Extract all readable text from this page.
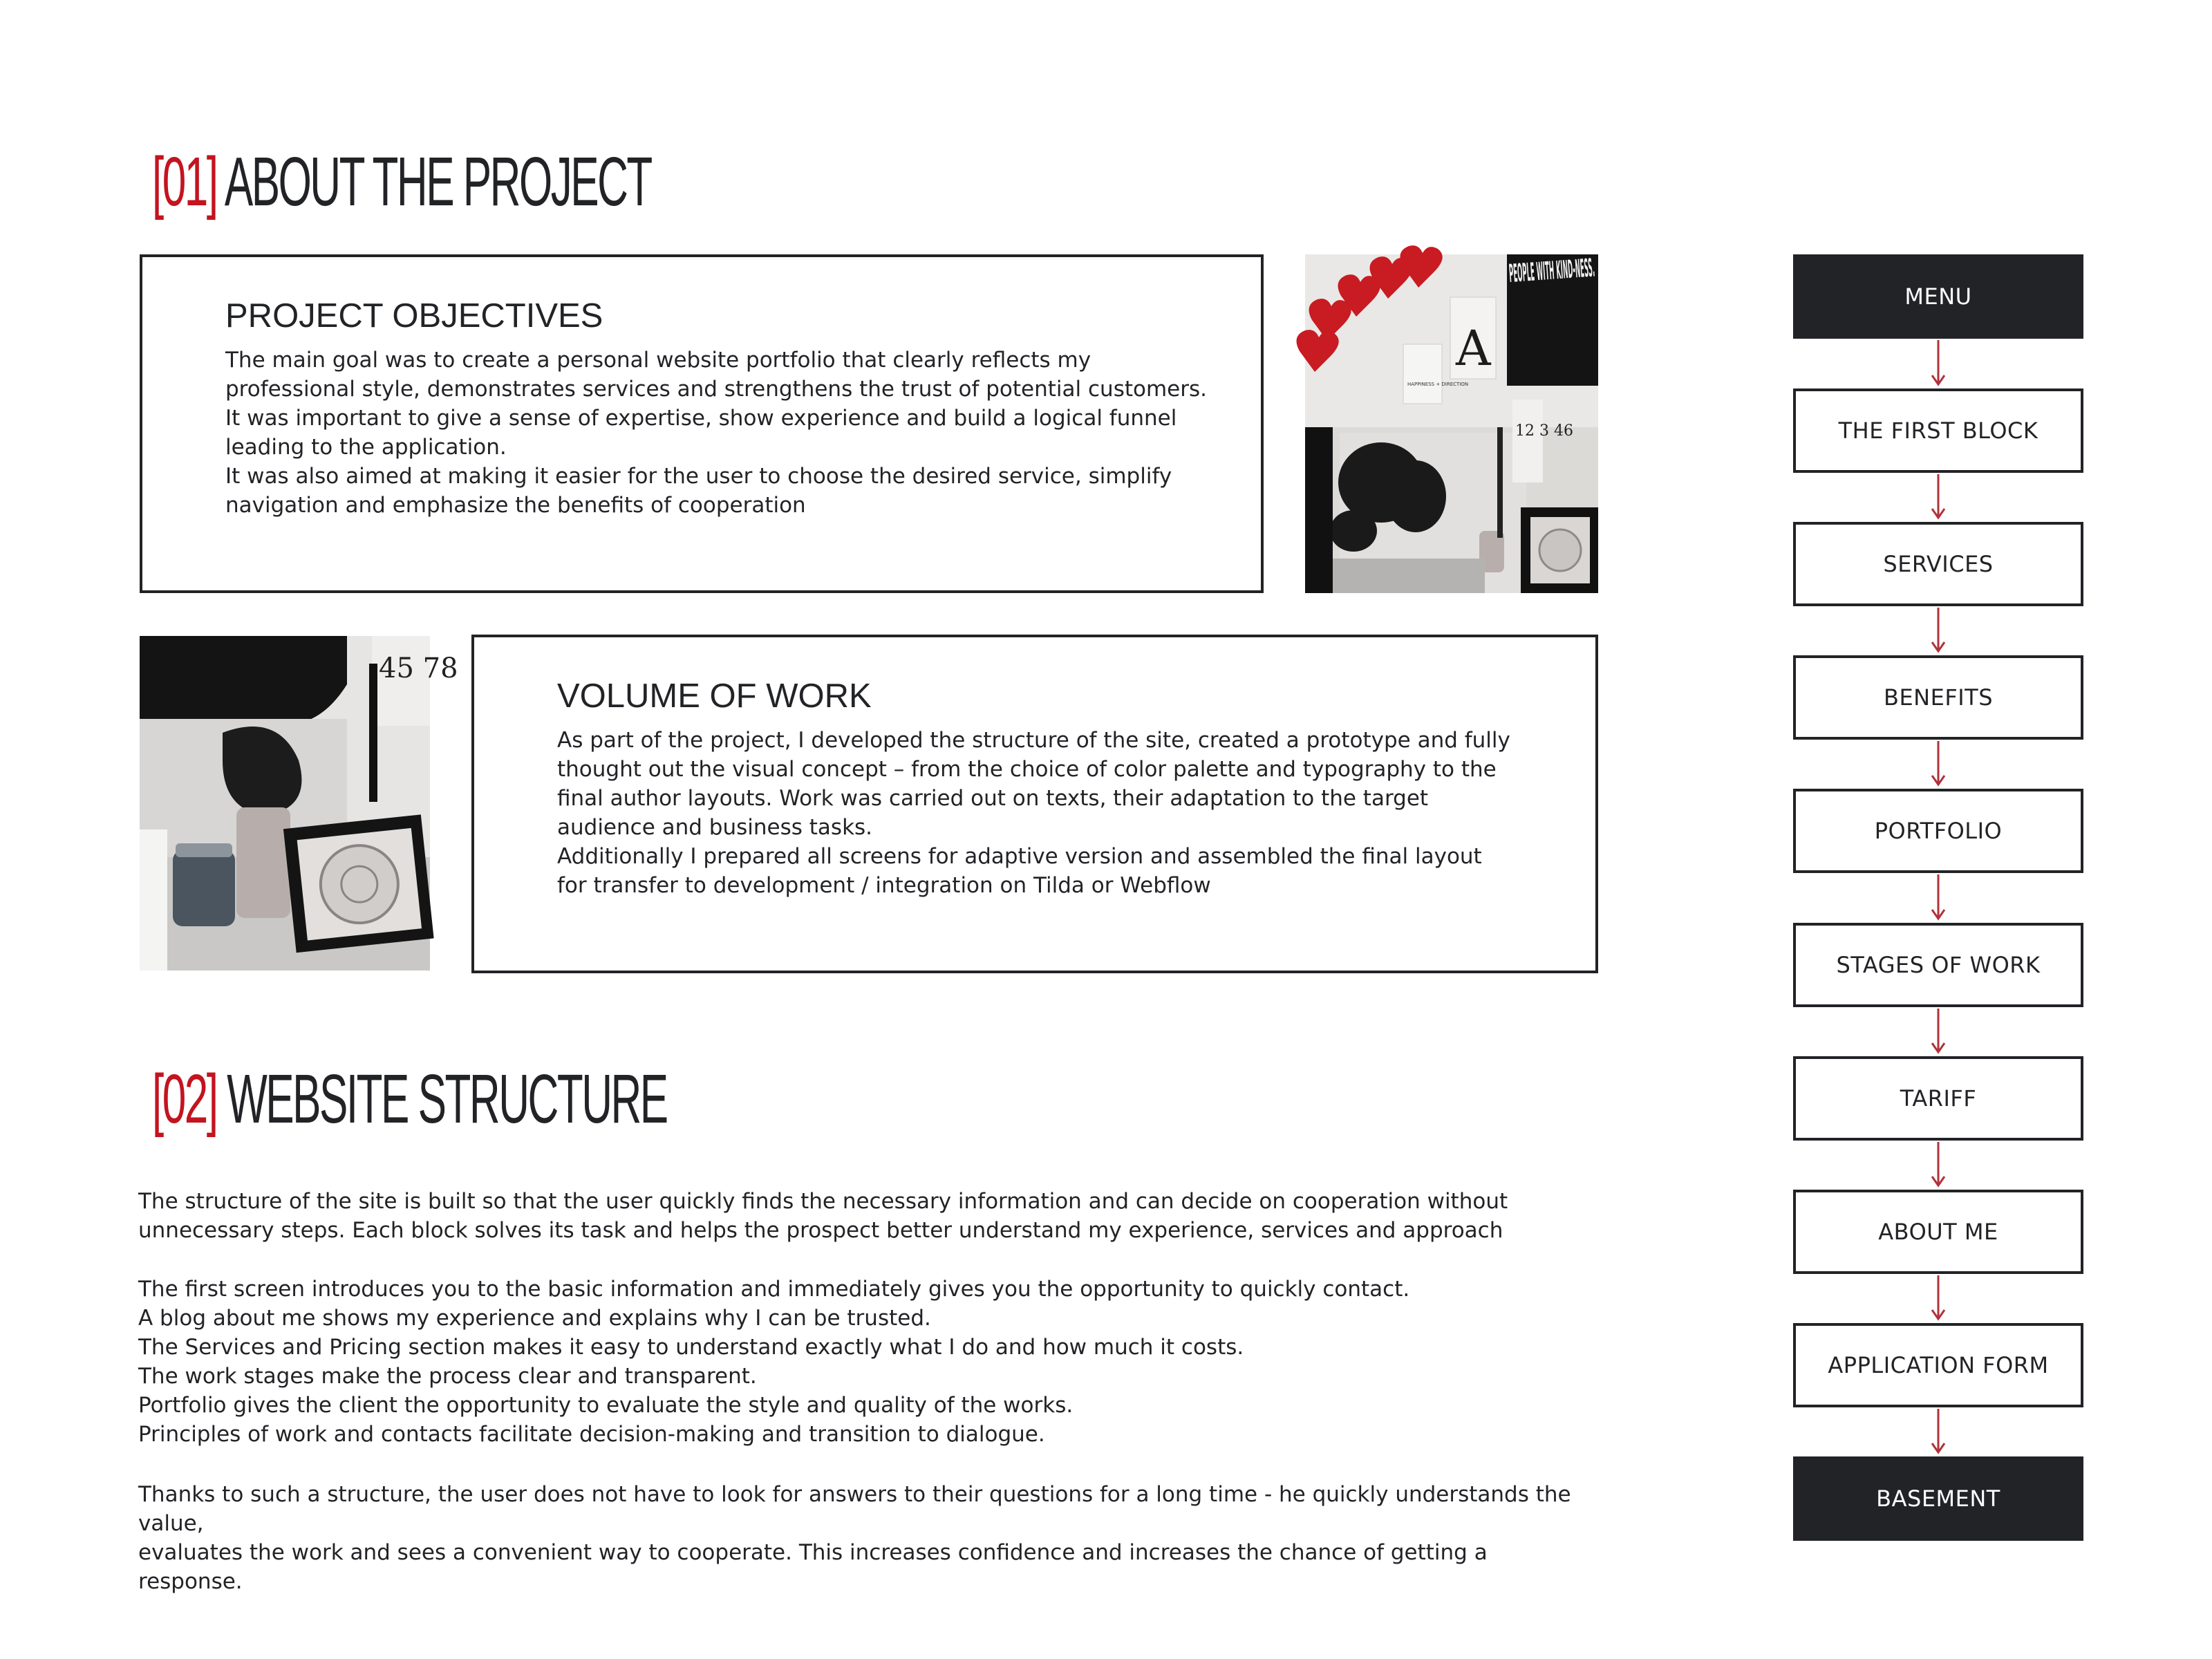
[01] ABOUT THE PROJECT
PROJECT OBJECTIVES

The main goal was to create a personal website portfolio that clearly reflects my
professional style, demonstrates services and strengthens the trust of potential customers.
It was important to give a sense of expertise, show experience and build a logical funnel
leading to the application.
It was also aimed at making it easier for the user to choose the desired service, simplify
navigation and emphasize the benefits of cooperation

A
HAPPINESS + DIRECTION
PEOPLE WITH KIND-NESS.
12 3 46
45 78
VOLUME OF WORK

As part of the project, I developed the structure of the site, created a prototype and fully
thought out the visual concept – from the choice of color palette and typography to the
final author layouts. Work was carried out on texts, their adaptation to the target
audience and business tasks.
Additionally I prepared all screens for adaptive version and assembled the final layout
for transfer to development / integration on Tilda or Webflow

[02] WEBSITE STRUCTURE

The structure of the site is built so that the user quickly finds the necessary information and can decide on cooperation without
unnecessary steps. Each block solves its task and helps the prospect better understand my experience, services and approach

The first screen introduces you to the basic information and immediately gives you the opportunity to quickly contact.
A blog about me shows my experience and explains why I can be trusted.
The Services and Pricing section makes it easy to understand exactly what I do and how much it costs.
The work stages make the process clear and transparent.
Portfolio gives the client the opportunity to evaluate the style and quality of the works.
Principles of work and contacts facilitate decision-making and transition to dialogue.

Thanks to such a structure, the user does not have to look for answers to their questions for a long time - he quickly understands the value,
evaluates the work and sees a convenient way to cooperate. This increases confidence and increases the chance of getting a response.

MENU
THE FIRST BLOCK
SERVICES
BENEFITS
PORTFOLIO
STAGES OF WORK
TARIFF
ABOUT ME
APPLICATION FORM
BASEMENT
